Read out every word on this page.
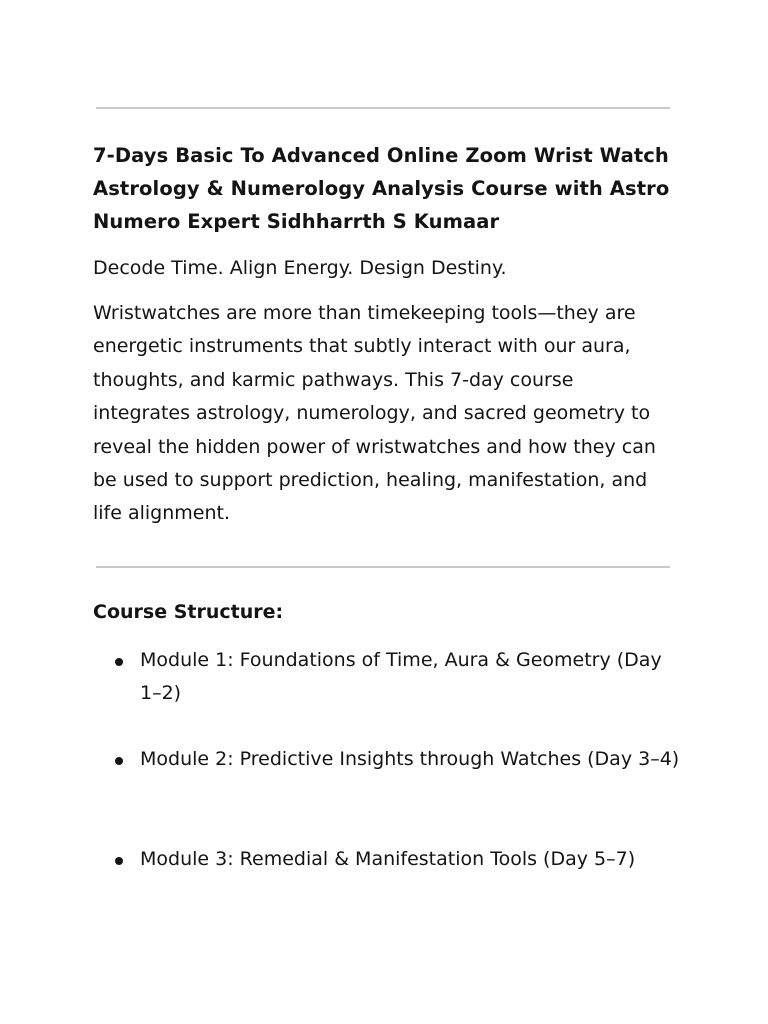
7-Days Basic To Advanced Online Zoom Wrist Watch Astrology & Numerology Analysis Course with Astro Numero Expert Sidhharrth S Kumaar

Decode Time. Align Energy. Design Destiny.

Wristwatches are more than timekeeping tools—they are energetic instruments that subtly interact with our aura, thoughts, and karmic pathways. This 7-day course integrates astrology, numerology, and sacred geometry to reveal the hidden power of wristwatches and how they can be used to support prediction, healing, manifestation, and life alignment.

Course Structure:
Module 1: Foundations of Time, Aura & Geometry (Day 1–2)
Module 2: Predictive Insights through Watches (Day 3–4)
Module 3: Remedial & Manifestation Tools (Day 5–7)
